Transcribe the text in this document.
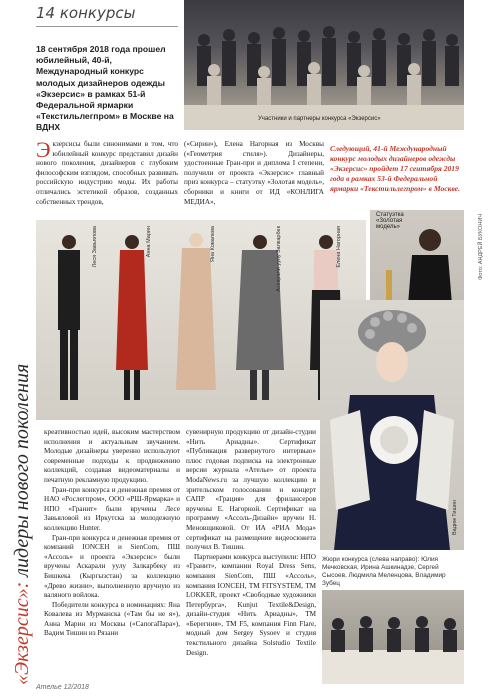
14 конкурсы
18 сентября 2018 года прошел юбилейный, 40-й, Международный конкурс молодых дизайнеров одежды «Экзерсис» в рамках 51-й Федеральной ярмарки «Текстильлегпром» в Москве на ВДНХ
Участники и партнеры конкурса «Экзерсис»
«Экзерсис»: лидеры нового поколения
Экзерсисы были синонимами в том, что юбилейный конкурс представил дизайн нового поколения, дизайнеров с глубоким философским взглядом, способных развивать российскую индустрию моды. Их работы отличались эстетикой образов, созданных собственных трендов,
(«Сирин»), Елена Нагорная из Москвы («Геометрия стиля»). Дизайнеры, удостоенные Гран-при и диплома I степени, получили от проекта «Экзерсис» главный приз конкурса – статуэтку «Золотая модель», сборники и книги от ИД «КОНЛИГА МЕДИА»,
Следующий, 41-й Международный конкурс молодых дизайнеров одежды «Экзерсис» пройдет 17 сентября 2019 года в рамках 53-й Федеральной ярмарки «Текстильлегпром» в Москве.
Леся Завьялова	Анна Марин	Яна Ковалева	Аскарали уулу Залкарбек	Елена Нагорная
Статуэтка «Золотая модель»	Фото: АНДРЕЙ БУКОНИЧ
Вадим Тишин

креативностью идей, высоким мастерством исполнения и актуальным звучанием. Молодые дизайнеры уверенно используют современные подходы к продвижению коллекций, создавая видеоматериалы и печатную рекламную продукцию.

Гран-при конкурса и денежная премия от НАО «Рослегпром», ООО «РШ-Ярмарка» и НПО «Гранит» были вручены Лесе Завьяловой из Иркутска за молодежную коллекцию Hunter.

Гран-при конкурса и денежная премия от компаний IONCEH и SienCom, ПШ «Ассоль» и проекта «Экзерсис» были вручены Аскарали уулу Залкарбеку из Бишкека (Кыргызстан) за коллекцию «Древо жизни», выполненную вручную из валяного войлока.

Победители конкурса в номинациях: Яна Ковалева из Мурманска («Там бы не я»), Анна Марин из Москвы («СапогаПара»), Вадим Тишин из Рязани

сувенирную продукцию от дизайн-студии «Нить Ариадны». Сертификат «Публикация развернутого интервью» плюс годовая подписка на электронные версии журнала «Ателье» от проекта ModaNews.ru за лучшую коллекцию в зрительском голосовании и концерт САПР «Грация» для фрилансеров вручены Е. Нагорной. Сертификат на программу «Ассоль-Дизайн» вручен Н. Меновщиковой. От ИА «РИА Мода» сертификат на размещение видеосюжета получил В. Тишин.

Партнерами конкурса выступили: НПО «Гранит», компании Royal Dress Sens, компания SienCom, ПШ «Ассоль», компания IONCEH, ТМ FITSYSTEM, ТМ LOKKER, проект «Свободные художники Петербурга», Kunjut Textile&Design, дизайн-студия «Нить Ариадны», ТМ «Берегиня», ТМ F5, компания Finn Flare, модный дом Sergey Sysoev и студия текстильного дизайна Solstudio Textile Design.

Жюри конкурса (слева направо): Юлия Мечковская, Ирина Ашкинадзе, Сергей Сысоев, Людмила Меленцова, Владимир Зубец
Ателье 12/2018
